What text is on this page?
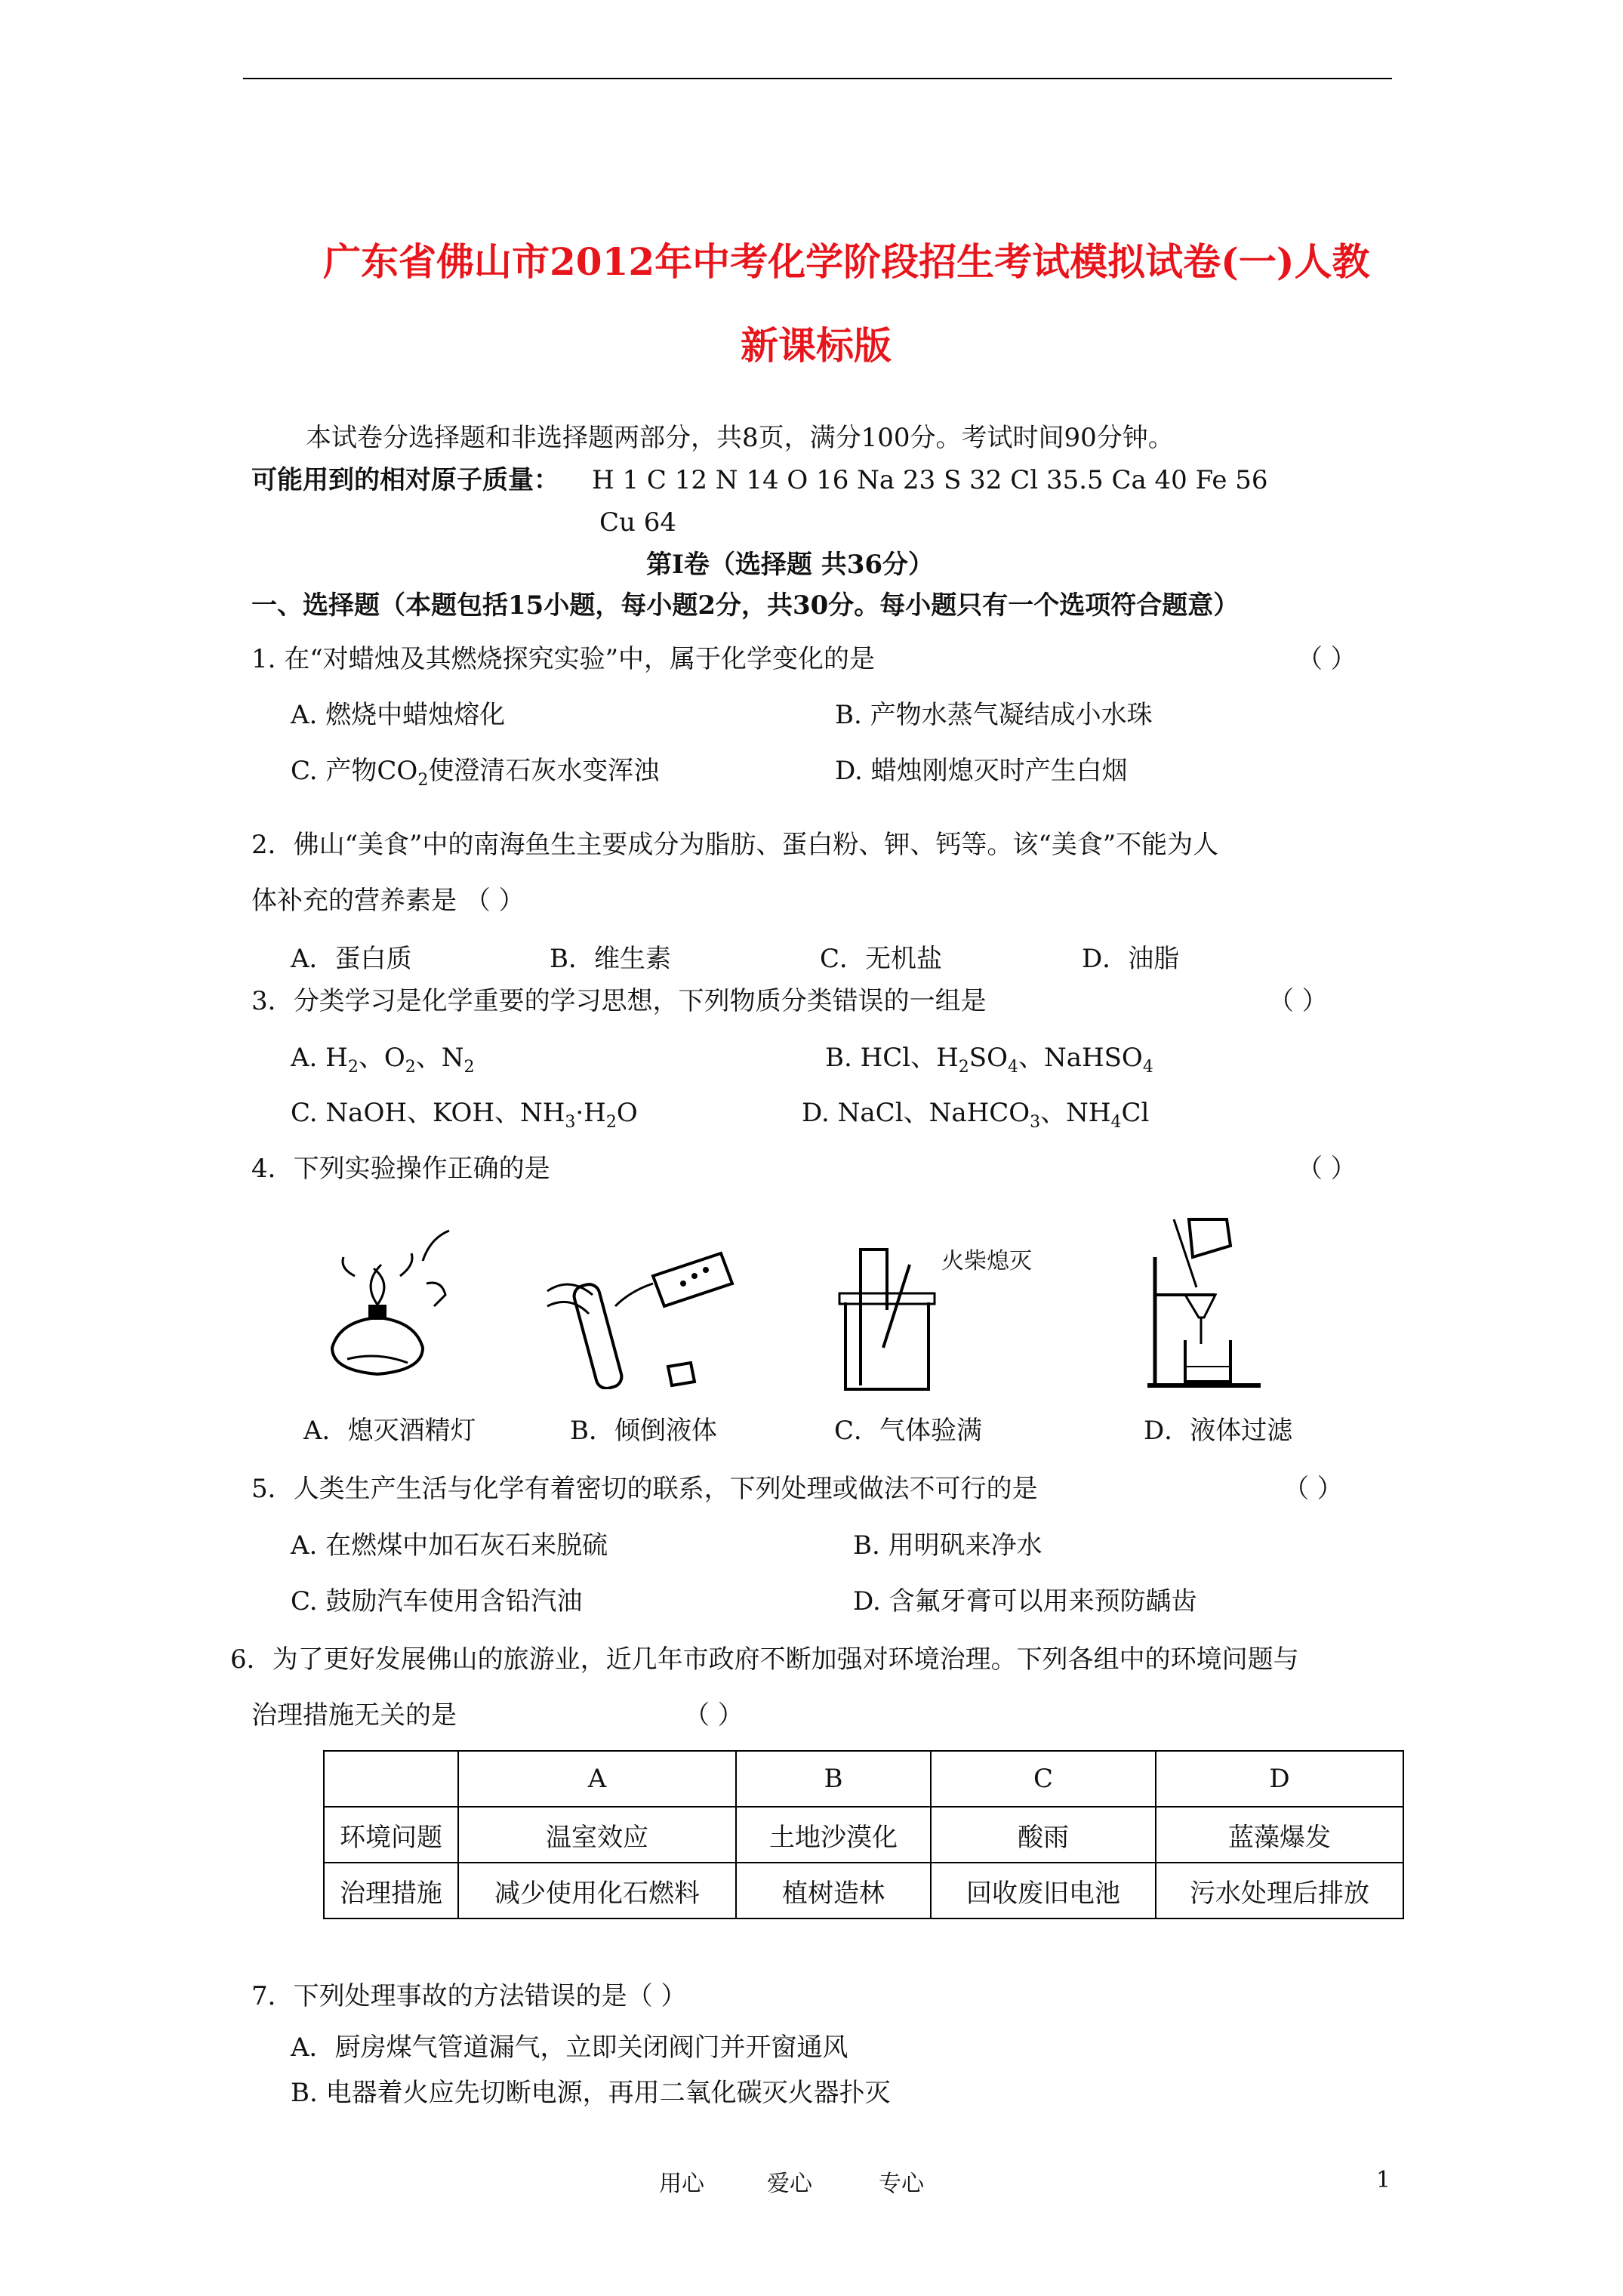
广东省佛山市2012年中考化学阶段招生考试模拟试卷(一)人教
新课标版
本试卷分选择题和非选择题两部分，共8页，满分100分。考试时间90分钟。
可能用到的相对原子质量： H 1 C 12 N 14 O 16 Na 23 S 32 Cl 35.5 Ca 40 Fe 56
Cu 64
第Ⅰ卷（选择题 共36分）
一、选择题（本题包括15小题，每小题2分，共30分。每小题只有一个选项符合题意）
1. 在“对蜡烛及其燃烧探究实验”中，属于化学变化的是	（ ）
A. 燃烧中蜡烛熔化	B. 产物水蒸气凝结成小水珠
C. 产物$CO_2$使澄清石灰水变浑浊	D. 蜡烛刚熄灭时产生白烟
2．佛山“美食”中的南海鱼生主要成分为脂肪、蛋白粉、钾、钙等。该“美食”不能为人
体补充的营养素是 （ ）
A．蛋白质	B．维生素	C．无机盐	D．油脂
3．分类学习是化学重要的学习思想，下列物质分类错误的一组是	（ ）
A. $H_2$、$O_2$、$N_2$	B. HCl、$H_2SO_4$、NaHSO$_4$
C. NaOH、KOH、$NH_3\cdot H_2O$	D. NaCl、NaHCO$_3$、$NH_4Cl$
4．下列实验操作正确的是	（ ）
火柴熄灭
A．熄灭酒精灯	B．倾倒液体	C．气体验满	D．液体过滤
5．人类生产生活与化学有着密切的联系，下列处理或做法不可行的是	（ ）
A. 在燃煤中加石灰石来脱硫	B. 用明矾来净水
C. 鼓励汽车使用含铅汽油	D. 含氟牙膏可以用来预防龋齿
6．为了更好发展佛山的旅游业，近几年市政府不断加强对环境治理。下列各组中的环境问题与
治理措施无关的是	（ ）
	A	B	C	D
环境问题	温室效应	土地沙漠化	酸雨	蓝藻爆发
治理措施	减少使用化石燃料	植树造林	回收废旧电池	污水处理后排放
7．下列处理事故的方法错误的是（ ）
A．厨房煤气管道漏气，立即关闭阀门并开窗通风
B. 电器着火应先切断电源，再用二氧化碳灭火器扑灭
用心	爱心	专心	1
